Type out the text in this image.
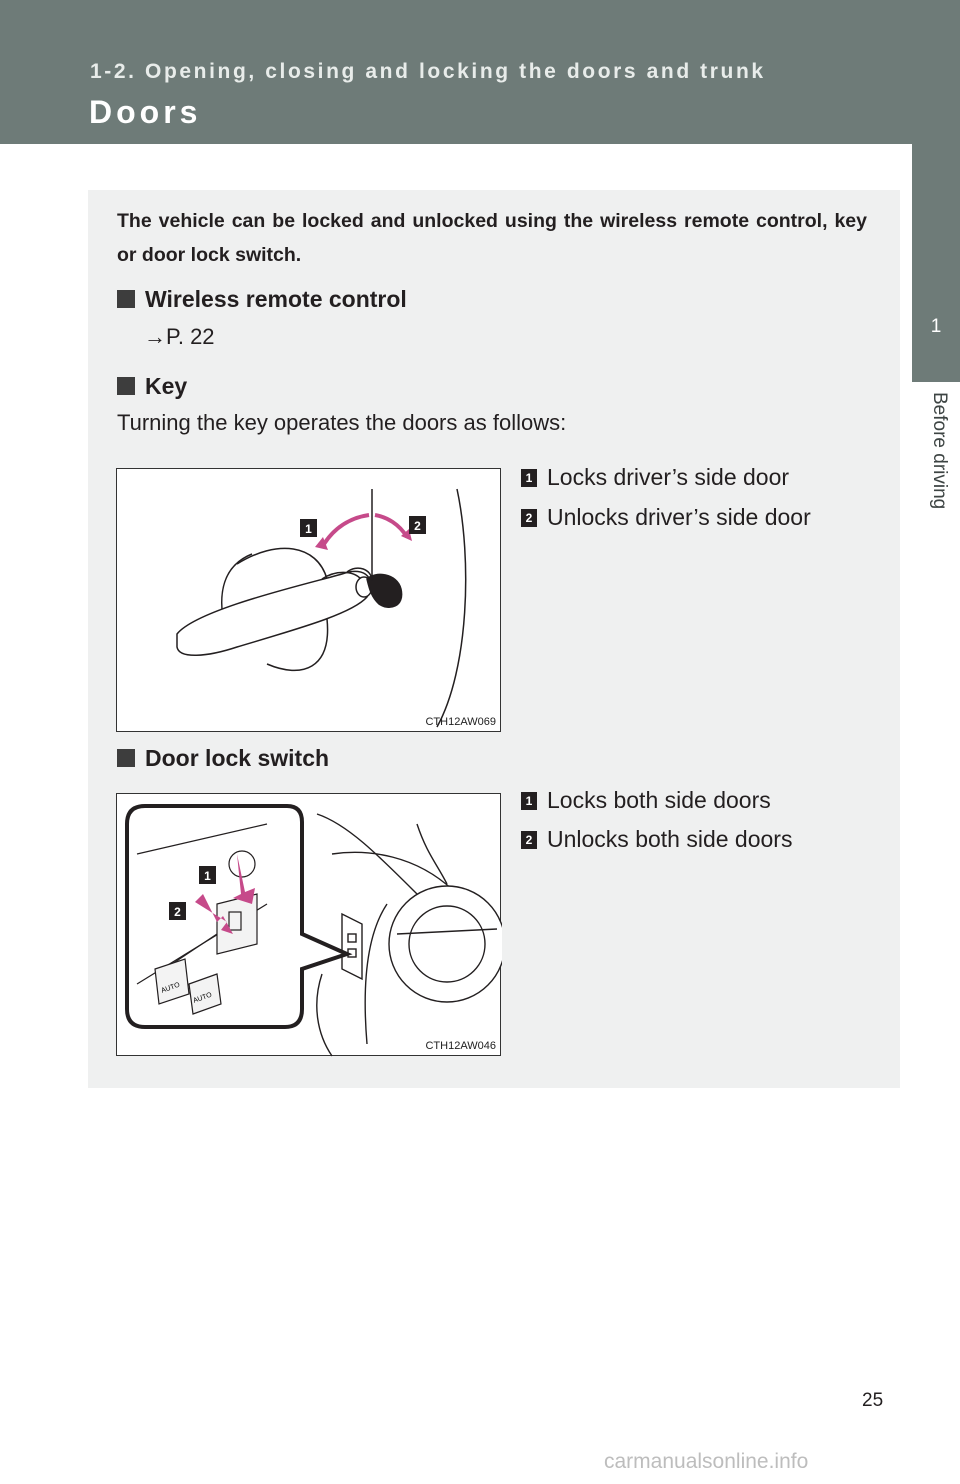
1-2. Opening, closing and locking the doors and trunk
Doors
1
Before driving
The vehicle can be locked and unlocked using the wireless remote control, key or door lock switch.
Wireless remote control
→P. 22
Key
Turning the key operates the doors as follows:
1	2
CTH12AW069
1 Locks driver’s side door
2 Unlocks driver’s side door
Door lock switch
AUTO
AUTO
1
2
CTH12AW046
1 Locks both side doors
2 Unlocks both side doors
25
carmanualsonline.info
